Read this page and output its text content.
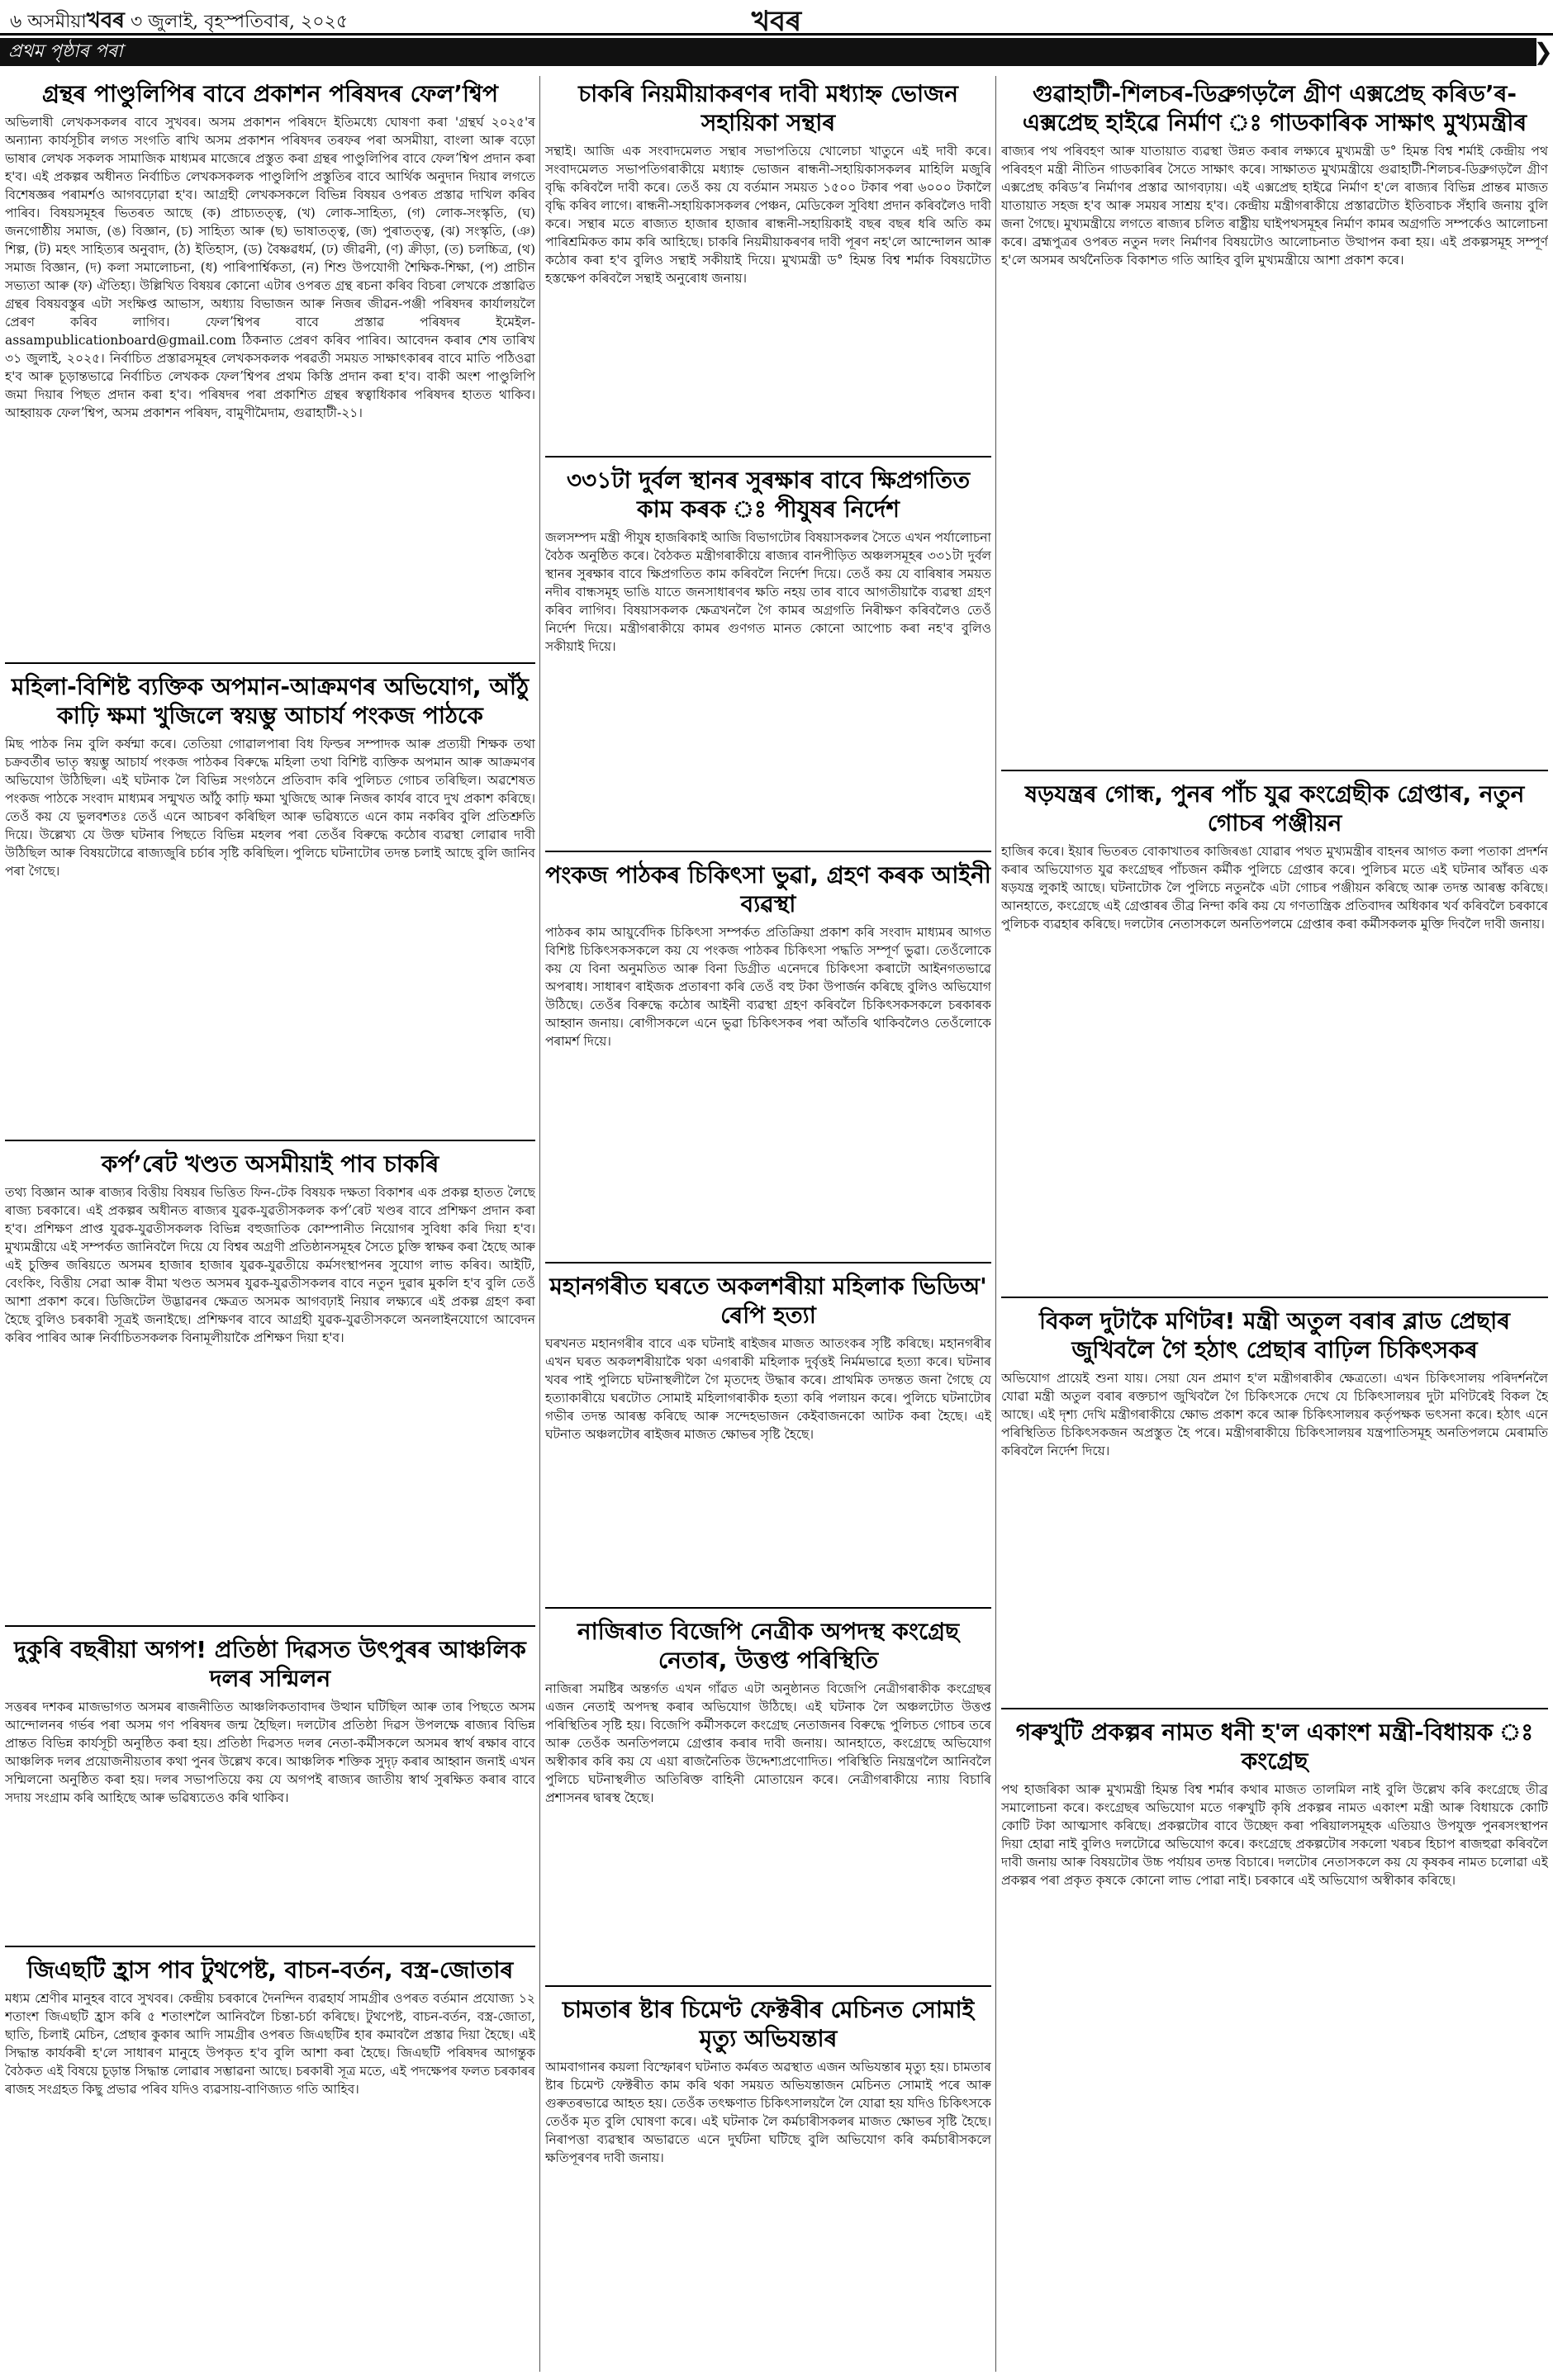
৬ অসমীয়াখবৰ ৩ জুলাই, বৃহস্পতিবাৰ, ২০২৫	খবৰ
প্ৰথম পৃষ্ঠাৰ পৰা	❯
গ্ৰন্থৰ পাণ্ডুলিপিৰ বাবে প্ৰকাশন পৰিষদৰ ফেলʼশ্বিপ

অভিলাষী লেখকসকলৰ বাবে সুখবৰ। অসম প্ৰকাশন পৰিষদে ইতিমধ্যে ঘোষণা কৰা 'গ্ৰন্থৰ্ঘ ২০২৫'ৰ অন্যান্য কাৰ্যসূচীৰ লগত সংগতি ৰাখি অসম প্ৰকাশন পৰিষদৰ তৰফৰ পৰা অসমীয়া, বাংলা আৰু বড়ো ভাষাৰ লেখক সকলক সামাজিক মাধ্যমৰ মাজেৰে প্ৰস্তুত কৰা গ্ৰন্থৰ পাণ্ডুলিপিৰ বাবে ফেলʼশ্বিপ প্ৰদান কৰা হ'ব। এই প্ৰকল্পৰ অধীনত নিৰ্বাচিত লেখকসকলক পাণ্ডুলিপি প্ৰস্তুতিৰ বাবে আৰ্থিক অনুদান দিয়াৰ লগতে বিশেষজ্ঞৰ পৰামৰ্শও আগবঢ়োৱা হ'ব। আগ্ৰহী লেখকসকলে বিভিন্ন বিষয়ৰ ওপৰত প্ৰস্তাৱ দাখিল কৰিব পাৰিব। বিষয়সমূহৰ ভিতৰত আছে (ক) প্ৰাচ্যতত্ত্ব, (খ) লোক-সাহিত্য, (গ) লোক-সংস্কৃতি, (ঘ) জনগোষ্ঠীয় সমাজ, (ঙ) বিজ্ঞান, (চ) সাহিত্য আৰু (ছ) ভাষাতত্ত্ব, (জ) পুৰাতত্ত্ব, (ঝ) সংস্কৃতি, (ঞ) শিল্প, (ট) মহৎ সাহিত্যৰ অনুবাদ, (ঠ) ইতিহাস, (ড) বৈষ্ণৱধৰ্ম, (ঢ) জীৱনী, (ণ) ক্ৰীড়া, (ত) চলচ্চিত্ৰ, (থ) সমাজ বিজ্ঞান, (দ) কলা সমালোচনা, (ধ) পাৰিপাৰ্শ্বিকতা, (ন) শিশু উপযোগী শৈক্ষিক-শিক্ষা, (প) প্ৰাচীন সভ্যতা আৰু (ফ) ঐতিহ্য। উল্লিখিত বিষয়ৰ কোনো এটাৰ ওপৰত গ্ৰন্থ ৰচনা কৰিব বিচৰা লেখকে প্ৰস্তাৱিত গ্ৰন্থৰ বিষয়বস্তুৰ এটা সংক্ষিপ্ত আভাস, অধ্যায় বিভাজন আৰু নিজৰ জীৱন-পঞ্জী পৰিষদৰ কাৰ্যালয়লৈ প্ৰেৰণ কৰিব লাগিব। ফেলʼশ্বিপৰ বাবে প্ৰস্তাৱ পৰিষদৰ ইমেইল- assampublicationboard@gmail.com ঠিকনাত প্ৰেৰণ কৰিব পাৰিব। আবেদন কৰাৰ শেষ তাৰিখ ৩১ জুলাই, ২০২৫। নিৰ্বাচিত প্ৰস্তাৱসমূহৰ লেখকসকলক পৰৱৰ্তী সময়ত সাক্ষাৎকাৰৰ বাবে মাতি পঠিওৱা হ'ব আৰু চূড়ান্তভাৱে নিৰ্বাচিত লেখকক ফেলʼশ্বিপৰ প্ৰথম কিস্তি প্ৰদান কৰা হ'ব। বাকী অংশ পাণ্ডুলিপি জমা দিয়াৰ পিছত প্ৰদান কৰা হ'ব। পৰিষদৰ পৰা প্ৰকাশিত গ্ৰন্থৰ স্বত্বাধিকাৰ পৰিষদৰ হাতত থাকিব। আহ্বায়ক ফেলʼশ্বিপ, অসম প্ৰকাশন পৰিষদ, বামুণীমৈদাম, গুৱাহাটী-২১।

মহিলা-বিশিষ্ট ব্যক্তিক অপমান-আক্ৰমণৰ অভিযোগ, আঁঠু কাঢ়ি ক্ষমা খুজিলে স্বয়ম্ভু আচাৰ্য পংকজ পাঠকে

মিছ পাঠক নিম বুলি কৰ্ষন্মা কৰে। তেতিয়া গোৱালপাৰা বিধ ফিল্ডৰ সম্পাদক আৰু প্ৰত্যয়ী শিক্ষক তথা চক্ৰবৰ্তীৰ ভাতৃ স্বয়ম্ভু আচাৰ্য পংকজ পাঠকৰ বিৰুদ্ধে মহিলা তথা বিশিষ্ট ব্যক্তিক অপমান আৰু আক্ৰমণৰ অভিযোগ উঠিছিল। এই ঘটনাক লৈ বিভিন্ন সংগঠনে প্ৰতিবাদ কৰি পুলিচত গোচৰ তৰিছিল। অৱশেষত পংকজ পাঠকে সংবাদ মাধ্যমৰ সন্মুখত আঁঠু কাঢ়ি ক্ষমা খুজিছে আৰু নিজৰ কাৰ্যৰ বাবে দুখ প্ৰকাশ কৰিছে। তেওঁ কয় যে ভুলবশতঃ তেওঁ এনে আচৰণ কৰিছিল আৰু ভৱিষ্যতে এনে কাম নকৰিব বুলি প্ৰতিশ্ৰুতি দিয়ে। উল্লেখ্য যে উক্ত ঘটনাৰ পিছতে বিভিন্ন মহলৰ পৰা তেওঁৰ বিৰুদ্ধে কঠোৰ ব্যৱস্থা লোৱাৰ দাবী উঠিছিল আৰু বিষয়টোৱে ৰাজ্যজুৰি চৰ্চাৰ সৃষ্টি কৰিছিল। পুলিচে ঘটনাটোৰ তদন্ত চলাই আছে বুলি জানিব পৰা গৈছে।

কৰ্পʼৰেট খণ্ডত অসমীয়াই পাব চাকৰি

তথ্য বিজ্ঞান আৰু ৰাজ্যৰ বিত্তীয় বিষয়ৰ ভিত্তিত ফিন-টেক বিষয়ক দক্ষতা বিকাশৰ এক প্ৰকল্প হাতত লৈছে ৰাজ্য চৰকাৰে। এই প্ৰকল্পৰ অধীনত ৰাজ্যৰ যুৱক-যুৱতীসকলক কৰ্পʼৰেট খণ্ডৰ বাবে প্ৰশিক্ষণ প্ৰদান কৰা হ'ব। প্ৰশিক্ষণ প্ৰাপ্ত যুৱক-যুৱতীসকলক বিভিন্ন বহুজাতিক কোম্পানীত নিয়োগৰ সুবিধা কৰি দিয়া হ'ব। মুখ্যমন্ত্ৰীয়ে এই সম্পৰ্কত জানিবলৈ দিয়ে যে বিশ্বৰ অগ্ৰণী প্ৰতিষ্ঠানসমূহৰ সৈতে চুক্তি স্বাক্ষৰ কৰা হৈছে আৰু এই চুক্তিৰ জৰিয়তে অসমৰ হাজাৰ হাজাৰ যুৱক-যুৱতীয়ে কৰ্মসংস্থাপনৰ সুযোগ লাভ কৰিব। আইটি, বেংকিং, বিত্তীয় সেৱা আৰু বীমা খণ্ডত অসমৰ যুৱক-যুৱতীসকলৰ বাবে নতুন দুৱাৰ মুকলি হ'ব বুলি তেওঁ আশা প্ৰকাশ কৰে। ডিজিটেল উদ্ভাৱনৰ ক্ষেত্ৰত অসমক আগবঢ়াই নিয়াৰ লক্ষ্যৰে এই প্ৰকল্প গ্ৰহণ কৰা হৈছে বুলিও চৰকাৰী সূত্ৰই জনাইছে। প্ৰশিক্ষণৰ বাবে আগ্ৰহী যুৱক-যুৱতীসকলে অনলাইনযোগে আবেদন কৰিব পাৰিব আৰু নিৰ্বাচিতসকলক বিনামূলীয়াকৈ প্ৰশিক্ষণ দিয়া হ'ব।

দুকুৰি বছৰীয়া অগপ! প্ৰতিষ্ঠা দিৱসত উৎপুৰৰ আঞ্চলিক দলৰ সন্মিলন

সত্তৰৰ দশকৰ মাজভাগত অসমৰ ৰাজনীতিত আঞ্চলিকতাবাদৰ উত্থান ঘটিছিল আৰু তাৰ পিছতে অসম আন্দোলনৰ গৰ্ভৰ পৰা অসম গণ পৰিষদৰ জন্ম হৈছিল। দলটোৰ প্ৰতিষ্ঠা দিৱস উপলক্ষে ৰাজ্যৰ বিভিন্ন প্ৰান্তত বিভিন্ন কাৰ্যসূচী অনুষ্ঠিত কৰা হয়। প্ৰতিষ্ঠা দিৱসত দলৰ নেতা-কৰ্মীসকলে অসমৰ স্বাৰ্থ ৰক্ষাৰ বাবে আঞ্চলিক দলৰ প্ৰয়োজনীয়তাৰ কথা পুনৰ উল্লেখ কৰে। আঞ্চলিক শক্তিক সুদৃঢ় কৰাৰ আহ্বান জনাই এখন সন্মিলনো অনুষ্ঠিত কৰা হয়। দলৰ সভাপতিয়ে কয় যে অগপই ৰাজ্যৰ জাতীয় স্বাৰ্থ সুৰক্ষিত কৰাৰ বাবে সদায় সংগ্ৰাম কৰি আহিছে আৰু ভৱিষ্যতেও কৰি থাকিব।

জিএছটি হ্ৰাস পাব টুথপেষ্ট, বাচন-বৰ্তন, বস্ত্ৰ-জোতাৰ

মধ্যম শ্ৰেণীৰ মানুহৰ বাবে সুখবৰ। কেন্দ্ৰীয় চৰকাৰে দৈনন্দিন ব্যৱহাৰ্য সামগ্ৰীৰ ওপৰত বৰ্তমান প্ৰযোজ্য ১২ শতাংশ জিএছটি হ্ৰাস কৰি ৫ শতাংশলৈ আনিবলৈ চিন্তা-চৰ্চা কৰিছে। টুথপেষ্ট, বাচন-বৰ্তন, বস্ত্ৰ-জোতা, ছাতি, চিলাই মেচিন, প্ৰেছাৰ কুকাৰ আদি সামগ্ৰীৰ ওপৰত জিএছটিৰ হাৰ কমাবলৈ প্ৰস্তাৱ দিয়া হৈছে। এই সিদ্ধান্ত কাৰ্যকৰী হ'লে সাধাৰণ মানুহে উপকৃত হ'ব বুলি আশা কৰা হৈছে। জিএছটি পৰিষদৰ আগন্তুক বৈঠকত এই বিষয়ে চূড়ান্ত সিদ্ধান্ত লোৱাৰ সম্ভাৱনা আছে। চৰকাৰী সূত্ৰ মতে, এই পদক্ষেপৰ ফলত চৰকাৰৰ ৰাজহ সংগ্ৰহত কিছু প্ৰভাৱ পৰিব যদিও ব্যৱসায়-বাণিজ্যত গতি আহিব।

চাকৰি নিয়মীয়াকৰণৰ দাবী মধ্যাহ্ন ভোজন সহায়িকা সন্থাৰ

সন্থাই। আজি এক সংবাদমেলত সন্থাৰ সভাপতিয়ে খোলেচা খাতুনে এই দাবী কৰে। সংবাদমেলত সভাপতিগৰাকীয়ে মধ্যাহ্ন ভোজন ৰান্ধনী-সহায়িকাসকলৰ মাহিলি মজুৰি বৃদ্ধি কৰিবলৈ দাবী কৰে। তেওঁ কয় যে বৰ্তমান সময়ত ১৫০০ টকাৰ পৰা ৬০০০ টকালৈ বৃদ্ধি কৰিব লাগে। ৰান্ধনী-সহায়িকাসকলৰ পেঞ্চন, মেডিকেল সুবিধা প্ৰদান কৰিবলৈও দাবী কৰে। সন্থাৰ মতে ৰাজ্যত হাজাৰ হাজাৰ ৰান্ধনী-সহায়িকাই বছৰ বছৰ ধৰি অতি কম পাৰিশ্ৰমিকত কাম কৰি আহিছে। চাকৰি নিয়মীয়াকৰণৰ দাবী পূৰণ নহ'লে আন্দোলন আৰু কঠোৰ কৰা হ'ব বুলিও সন্থাই সকীয়াই দিয়ে। মুখ্যমন্ত্ৰী ড° হিমন্ত বিশ্ব শৰ্মাক বিষয়টোত হস্তক্ষেপ কৰিবলৈ সন্থাই অনুৰোধ জনায়।

৩৩১টা দুৰ্বল স্থানৰ সুৰক্ষাৰ বাবে ক্ষিপ্ৰগতিত কাম কৰক ঃ পীযুষৰ নিৰ্দেশ

জলসম্পদ মন্ত্ৰী পীযুষ হাজৰিকাই আজি বিভাগটোৰ বিষয়াসকলৰ সৈতে এখন পৰ্যালোচনা বৈঠক অনুষ্ঠিত কৰে। বৈঠকত মন্ত্ৰীগৰাকীয়ে ৰাজ্যৰ বানপীড়িত অঞ্চলসমূহৰ ৩৩১টা দুৰ্বল স্থানৰ সুৰক্ষাৰ বাবে ক্ষিপ্ৰগতিত কাম কৰিবলৈ নিৰ্দেশ দিয়ে। তেওঁ কয় যে বাৰিষাৰ সময়ত নদীৰ বান্ধসমূহ ভাঙি যাতে জনসাধাৰণৰ ক্ষতি নহয় তাৰ বাবে আগতীয়াকৈ ব্যৱস্থা গ্ৰহণ কৰিব লাগিব। বিষয়াসকলক ক্ষেত্ৰখনলৈ গৈ কামৰ অগ্ৰগতি নিৰীক্ষণ কৰিবলৈও তেওঁ নিৰ্দেশ দিয়ে। মন্ত্ৰীগৰাকীয়ে কামৰ গুণগত মানত কোনো আপোচ কৰা নহ'ব বুলিও সকীয়াই দিয়ে।

পংকজ পাঠকৰ চিকিৎসা ভুৱা, গ্ৰহণ কৰক আইনী ব্যৱস্থা

পাঠকৰ কাম আয়ুৰ্বেদিক চিকিৎসা সম্পৰ্কত প্ৰতিক্ৰিয়া প্ৰকাশ কৰি সংবাদ মাধ্যমৰ আগত বিশিষ্ট চিকিৎসকসকলে কয় যে পংকজ পাঠকৰ চিকিৎসা পদ্ধতি সম্পূৰ্ণ ভুৱা। তেওঁলোকে কয় যে বিনা অনুমতিত আৰু বিনা ডিগ্ৰীত এনেদৰে চিকিৎসা কৰাটো আইনগতভাৱে অপৰাধ। সাধাৰণ ৰাইজক প্ৰতাৰণা কৰি তেওঁ বহু টকা উপাৰ্জন কৰিছে বুলিও অভিযোগ উঠিছে। তেওঁৰ বিৰুদ্ধে কঠোৰ আইনী ব্যৱস্থা গ্ৰহণ কৰিবলৈ চিকিৎসকসকলে চৰকাৰক আহ্বান জনায়। ৰোগীসকলে এনে ভুৱা চিকিৎসকৰ পৰা আঁতৰি থাকিবলৈও তেওঁলোকে পৰামৰ্শ দিয়ে।

মহানগৰীত ঘৰতে অকলশৰীয়া মহিলাক ভিডিঅ' ৰেপি হত্যা

ঘৰখনত মহানগৰীৰ বাবে এক ঘটনাই ৰাইজৰ মাজত আতংকৰ সৃষ্টি কৰিছে। মহানগৰীৰ এখন ঘৰত অকলশৰীয়াকৈ থকা এগৰাকী মহিলাক দুৰ্বৃত্তই নিৰ্মমভাৱে হত্যা কৰে। ঘটনাৰ খবৰ পাই পুলিচে ঘটনাস্থলীলৈ গৈ মৃতদেহ উদ্ধাৰ কৰে। প্ৰাথমিক তদন্তত জনা গৈছে যে হত্যাকাৰীয়ে ঘৰটোত সোমাই মহিলাগৰাকীক হত্যা কৰি পলায়ন কৰে। পুলিচে ঘটনাটোৰ গভীৰ তদন্ত আৰম্ভ কৰিছে আৰু সন্দেহভাজন কেইবাজনকো আটক কৰা হৈছে। এই ঘটনাত অঞ্চলটোৰ ৰাইজৰ মাজত ক্ষোভৰ সৃষ্টি হৈছে।

নাজিৰাত বিজেপি নেত্ৰীক অপদস্থ কংগ্ৰেছ নেতাৰ, উত্তপ্ত পৰিস্থিতি

নাজিৰা সমষ্টিৰ অন্তৰ্গত এখন গাঁৱত এটা অনুষ্ঠানত বিজেপি নেত্ৰীগৰাকীক কংগ্ৰেছৰ এজন নেতাই অপদস্থ কৰাৰ অভিযোগ উঠিছে। এই ঘটনাক লৈ অঞ্চলটোত উত্তপ্ত পৰিস্থিতিৰ সৃষ্টি হয়। বিজেপি কৰ্মীসকলে কংগ্ৰেছ নেতাজনৰ বিৰুদ্ধে পুলিচত গোচৰ তৰে আৰু তেওঁক অনতিপলমে গ্ৰেপ্তাৰ কৰাৰ দাবী জনায়। আনহাতে, কংগ্ৰেছে অভিযোগ অস্বীকাৰ কৰি কয় যে এয়া ৰাজনৈতিক উদ্দেশ্যপ্ৰণোদিত। পৰিস্থিতি নিয়ন্ত্ৰণলৈ আনিবলৈ পুলিচে ঘটনাস্থলীত অতিৰিক্ত বাহিনী মোতায়েন কৰে। নেত্ৰীগৰাকীয়ে ন্যায় বিচাৰি প্ৰশাসনৰ দ্বাৰস্থ হৈছে।

চামতাৰ ষ্টাৰ চিমেণ্ট ফেক্টৰীৰ মেচিনত সোমাই মৃত্যু অভিযন্তাৰ

আমবাগানৰ কয়লা বিস্ফোৰণ ঘটনাত কৰ্মৰত অৱস্থাত এজন অভিযন্তাৰ মৃত্যু হয়। চামতাৰ ষ্টাৰ চিমেণ্ট ফেক্টৰীত কাম কৰি থকা সময়ত অভিযন্তাজন মেচিনত সোমাই পৰে আৰু গুৰুতৰভাৱে আহত হয়। তেওঁক তৎক্ষণাত চিকিৎসালয়লৈ লৈ যোৱা হয় যদিও চিকিৎসকে তেওঁক মৃত বুলি ঘোষণা কৰে। এই ঘটনাক লৈ কৰ্মচাৰীসকলৰ মাজত ক্ষোভৰ সৃষ্টি হৈছে। নিৰাপত্তা ব্যৱস্থাৰ অভাৱতে এনে দুৰ্ঘটনা ঘটিছে বুলি অভিযোগ কৰি কৰ্মচাৰীসকলে ক্ষতিপূৰণৰ দাবী জনায়।

গুৱাহাটী-শিলচৰ-ডিব্ৰুগড়লৈ গ্ৰীণ এক্সপ্ৰেছ কৰিডʼৰ-এক্সপ্ৰেছ হাইৱে নিৰ্মাণ ঃ গাডকাৰিক সাক্ষাৎ মুখ্যমন্ত্ৰীৰ

ৰাজ্যৰ পথ পৰিবহণ আৰু যাতায়াত ব্যৱস্থা উন্নত কৰাৰ লক্ষ্যৰে মুখ্যমন্ত্ৰী ড° হিমন্ত বিশ্ব শৰ্মাই কেন্দ্ৰীয় পথ পৰিবহণ মন্ত্ৰী নীতিন গাডকাৰিৰ সৈতে সাক্ষাৎ কৰে। সাক্ষাতত মুখ্যমন্ত্ৰীয়ে গুৱাহাটী-শিলচৰ-ডিব্ৰুগড়লৈ গ্ৰীণ এক্সপ্ৰেছ কৰিডʼৰ নিৰ্মাণৰ প্ৰস্তাৱ আগবঢ়ায়। এই এক্সপ্ৰেছ হাইৱে নিৰ্মাণ হ'লে ৰাজ্যৰ বিভিন্ন প্ৰান্তৰ মাজত যাতায়াত সহজ হ'ব আৰু সময়ৰ সাশ্ৰয় হ'ব। কেন্দ্ৰীয় মন্ত্ৰীগৰাকীয়ে প্ৰস্তাৱটোত ইতিবাচক সঁহাৰি জনায় বুলি জনা গৈছে। মুখ্যমন্ত্ৰীয়ে লগতে ৰাজ্যৰ চলিত ৰাষ্ট্ৰীয় ঘাইপথসমূহৰ নিৰ্মাণ কামৰ অগ্ৰগতি সম্পৰ্কেও আলোচনা কৰে। ব্ৰহ্মপুত্ৰৰ ওপৰত নতুন দলং নিৰ্মাণৰ বিষয়টোও আলোচনাত উত্থাপন কৰা হয়। এই প্ৰকল্পসমূহ সম্পূৰ্ণ হ'লে অসমৰ অৰ্থনৈতিক বিকাশত গতি আহিব বুলি মুখ্যমন্ত্ৰীয়ে আশা প্ৰকাশ কৰে।

ষড়যন্ত্ৰৰ গোন্ধ, পুনৰ পাঁচ যুৱ কংগ্ৰেছীক গ্ৰেপ্তাৰ, নতুন গোচৰ পঞ্জীয়ন

হাজিৰ কৰে। ইয়াৰ ভিতৰত বোকাখাতৰ কাজিৰঙা যোৱাৰ পথত মুখ্যমন্ত্ৰীৰ বাহনৰ আগত কলা পতাকা প্ৰদৰ্শন কৰাৰ অভিযোগত যুৱ কংগ্ৰেছৰ পাঁচজন কৰ্মীক পুলিচে গ্ৰেপ্তাৰ কৰে। পুলিচৰ মতে এই ঘটনাৰ আঁৰত এক ষড়যন্ত্ৰ লুকাই আছে। ঘটনাটোক লৈ পুলিচে নতুনকৈ এটা গোচৰ পঞ্জীয়ন কৰিছে আৰু তদন্ত আৰম্ভ কৰিছে। আনহাতে, কংগ্ৰেছে এই গ্ৰেপ্তাৰৰ তীব্ৰ নিন্দা কৰি কয় যে গণতান্ত্ৰিক প্ৰতিবাদৰ অধিকাৰ খৰ্ব কৰিবলৈ চৰকাৰে পুলিচক ব্যৱহাৰ কৰিছে। দলটোৰ নেতাসকলে অনতিপলমে গ্ৰেপ্তাৰ কৰা কৰ্মীসকলক মুক্তি দিবলৈ দাবী জনায়।

বিকল দুটাকৈ মণিটৰ! মন্ত্ৰী অতুল বৰাৰ ব্লাড প্ৰেছাৰ জুখিবলৈ গৈ হঠাৎ প্ৰেছাৰ বাঢ়িল চিকিৎসকৰ

অভিযোগ প্ৰায়েই শুনা যায়। সেয়া যেন প্ৰমাণ হ'ল মন্ত্ৰীগৰাকীৰ ক্ষেত্ৰতো। এখন চিকিৎসালয় পৰিদৰ্শনলৈ যোৱা মন্ত্ৰী অতুল বৰাৰ ৰক্তচাপ জুখিবলৈ গৈ চিকিৎসকে দেখে যে চিকিৎসালয়ৰ দুটা মণিটৰেই বিকল হৈ আছে। এই দৃশ্য দেখি মন্ত্ৰীগৰাকীয়ে ক্ষোভ প্ৰকাশ কৰে আৰু চিকিৎসালয়ৰ কৰ্তৃপক্ষক ভৎসনা কৰে। হঠাৎ এনে পৰিস্থিতিত চিকিৎসকজন অপ্ৰস্তুত হৈ পৰে। মন্ত্ৰীগৰাকীয়ে চিকিৎসালয়ৰ যন্ত্ৰপাতিসমূহ অনতিপলমে মেৰামতি কৰিবলৈ নিৰ্দেশ দিয়ে।

গৰুখুটি প্ৰকল্পৰ নামত ধনী হ'ল একাংশ মন্ত্ৰী-বিধায়ক ঃ কংগ্ৰেছ

পথ হাজৰিকা আৰু মুখ্যমন্ত্ৰী হিমন্ত বিশ্ব শৰ্মাৰ কথাৰ মাজত তালমিল নাই বুলি উল্লেখ কৰি কংগ্ৰেছে তীব্ৰ সমালোচনা কৰে। কংগ্ৰেছৰ অভিযোগ মতে গৰুখুটি কৃষি প্ৰকল্পৰ নামত একাংশ মন্ত্ৰী আৰু বিধায়কে কোটি কোটি টকা আত্মসাৎ কৰিছে। প্ৰকল্পটোৰ বাবে উচ্ছেদ কৰা পৰিয়ালসমূহক এতিয়াও উপযুক্ত পুনৰসংস্থাপন দিয়া হোৱা নাই বুলিও দলটোৱে অভিযোগ কৰে। কংগ্ৰেছে প্ৰকল্পটোৰ সকলো খৰচৰ হিচাপ ৰাজহুৱা কৰিবলৈ দাবী জনায় আৰু বিষয়টোৰ উচ্চ পৰ্যায়ৰ তদন্ত বিচাৰে। দলটোৰ নেতাসকলে কয় যে কৃষকৰ নামত চলোৱা এই প্ৰকল্পৰ পৰা প্ৰকৃত কৃষকে কোনো লাভ পোৱা নাই। চৰকাৰে এই অভিযোগ অস্বীকাৰ কৰিছে।
